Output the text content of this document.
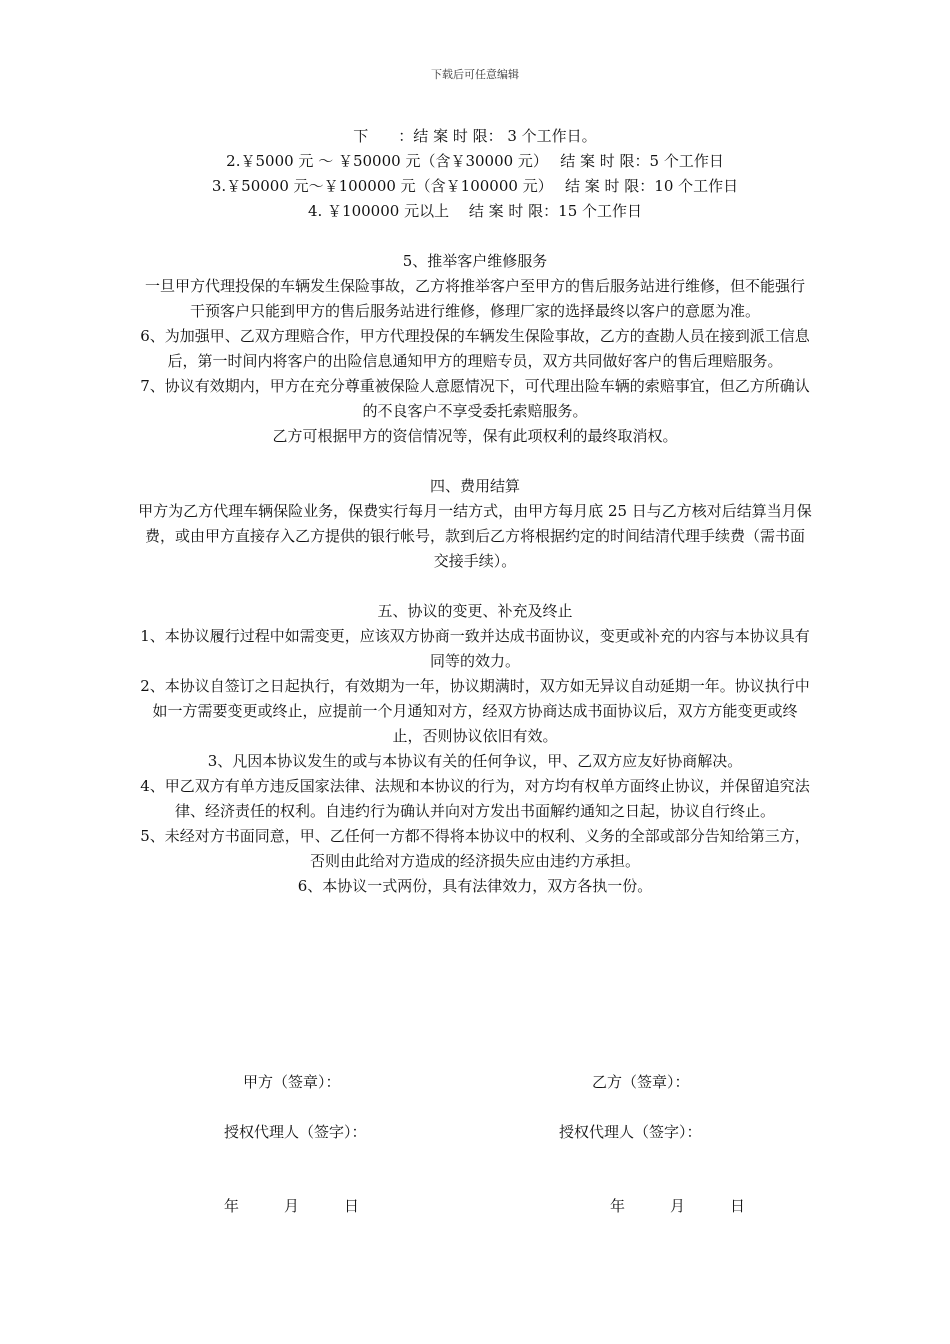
下载后可任意编辑

下　　：结 案 时 限： 3 个工作日。

2.￥5000 元 ～ ￥50000 元（含￥30000 元）　 结 案 时 限：5 个工作日

3.￥50000 元～￥100000 元（含￥100000 元）　 结 案 时 限：10 个工作日

4. ￥100000 元以上　 结 案 时 限：15 个工作日

5、推举客户维修服务

一旦甲方代理投保的车辆发生保险事故，乙方将推举客户至甲方的售后服务站进行维修，但不能强行干预客户只能到甲方的售后服务站进行维修，修理厂家的选择最终以客户的意愿为准。

6、为加强甲、乙双方理赔合作，甲方代理投保的车辆发生保险事故，乙方的查勘人员在接到派工信息后，第一时间内将客户的出险信息通知甲方的理赔专员，双方共同做好客户的售后理赔服务。

7、协议有效期内，甲方在充分尊重被保险人意愿情况下，可代理出险车辆的索赔事宜，但乙方所确认的不良客户不享受委托索赔服务。

乙方可根据甲方的资信情况等，保有此项权利的最终取消权。

四、费用结算

甲方为乙方代理车辆保险业务，保费实行每月一结方式，由甲方每月底 25 日与乙方核对后结算当月保费，或由甲方直接存入乙方提供的银行帐号，款到后乙方将根据约定的时间结清代理手续费（需书面交接手续）。

五、协议的变更、补充及终止

1、本协议履行过程中如需变更，应该双方协商一致并达成书面协议，变更或补充的内容与本协议具有同等的效力。

2、本协议自签订之日起执行，有效期为一年，协议期满时，双方如无异议自动延期一年。协议执行中如一方需要变更或终止，应提前一个月通知对方，经双方协商达成书面协议后，双方方能变更或终止，否则协议依旧有效。

3、凡因本协议发生的或与本协议有关的任何争议，甲、乙双方应友好协商解决。

4、甲乙双方有单方违反国家法律、法规和本协议的行为，对方均有权单方面终止协议，并保留追究法律、经济责任的权利。自违约行为确认并向对方发出书面解约通知之日起，协议自行终止。

5、未经对方书面同意，甲、乙任何一方都不得将本协议中的权利、义务的全部或部分告知给第三方，否则由此给对方造成的经济损失应由违约方承担。

6、本协议一式两份，具有法律效力，双方各执一份。

甲方（签章）：	乙方（签章）：
授权代理人（签字）：	授权代理人（签字）：
年　　　月　　　日	年　　　月　　　日
